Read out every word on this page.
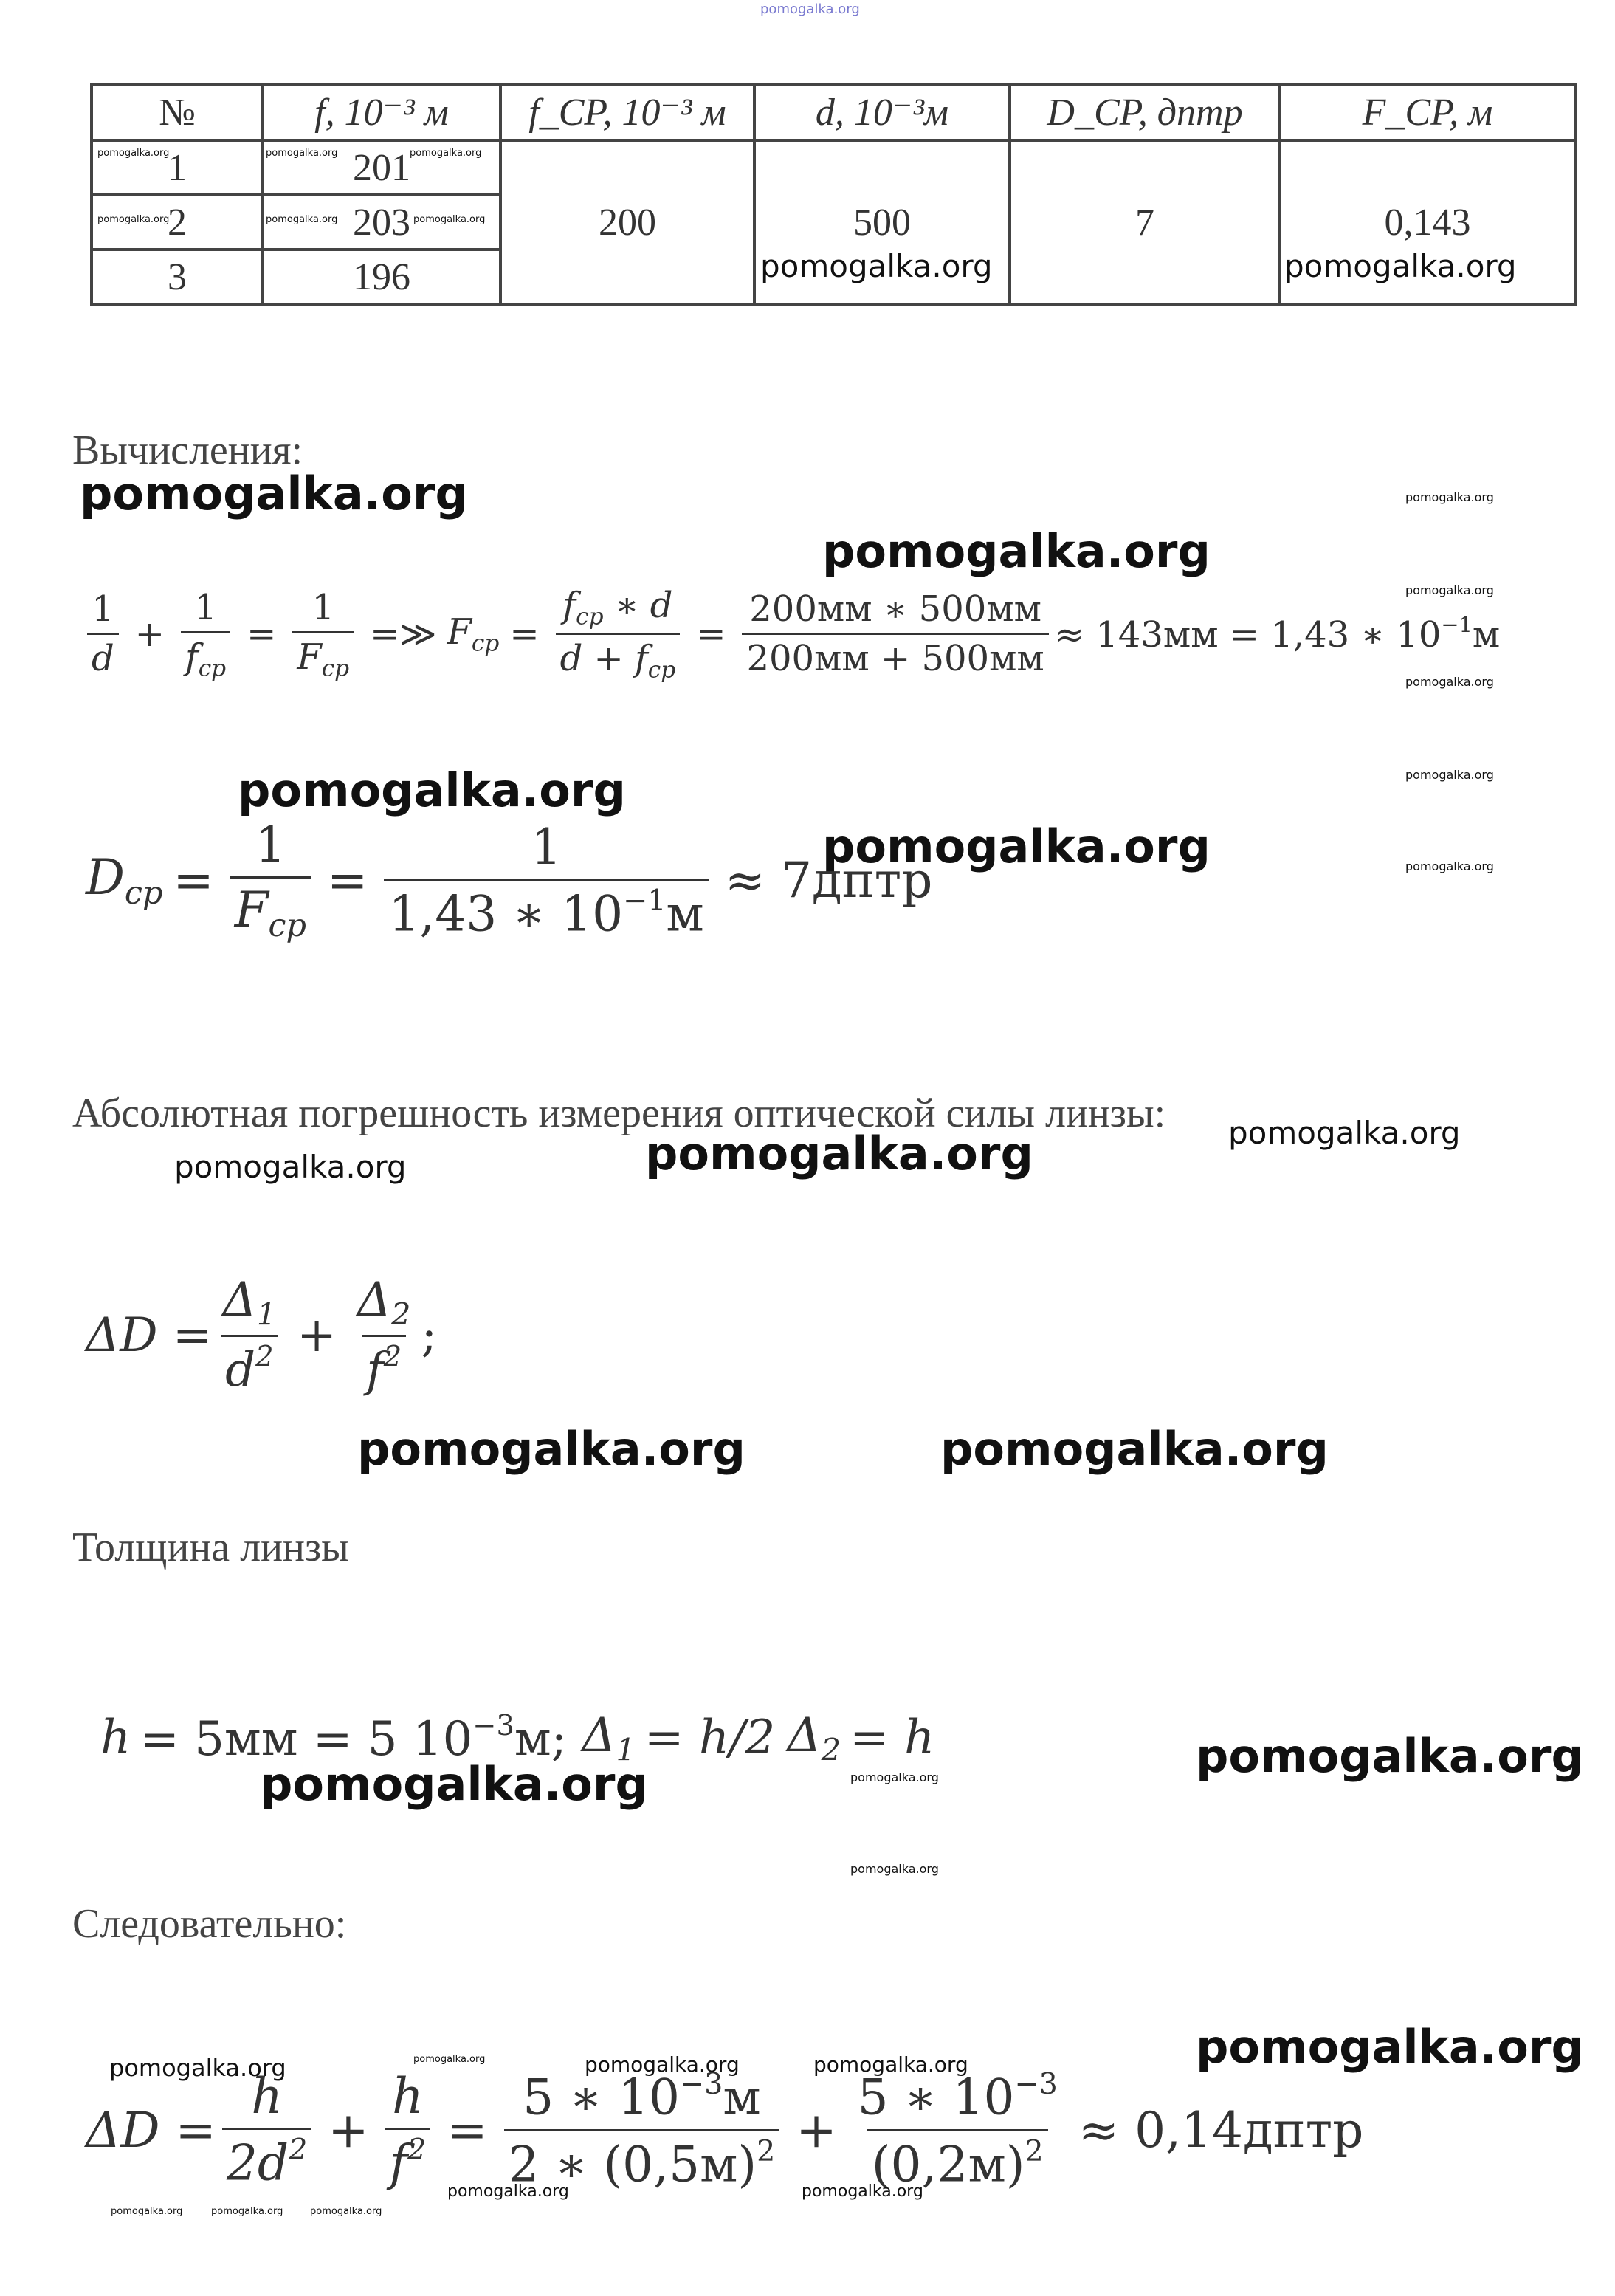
pomogalka.org
№	f, 10⁻³ м	f_CP, 10⁻³ м	d, 10⁻³м	D_CP, дптр	F_CP, м
1	201	200	500	7	0,143
2	203				
3	196				
pomogalka.org	pomogalka.org	pomogalka.org
pomogalka.org	pomogalka.org	pomogalka.org
pomogalka.org	pomogalka.org
Вычисления:
pomogalka.org
pomogalka.org
pomogalka.org
pomogalka.org
pomogalka.org
pomogalka.org
pomogalka.org
$\frac{1}{d} + \frac{1}{f_{cp}} = \frac{1}{F_{cp}}$ =≫ $F_{cp} = \frac{f_{cp} ∗ d}{d + f_{cp}} = \frac{200мм ∗ 500мм}{200мм + 500мм} \approx 143мм = 1,43$ ∗ $10^{-1}м$
pomogalka.org
pomogalka.org
$D_{cp} = \frac{1}{F_{cp}} = \frac{1}{1,43 ∗ 10^{-1}м}$ ≈ 7дптр
Абсолютная погрешность измерения оптической силы линзы: pomogalka.org
pomogalka.org	pomogalka.org
$\Delta D = \frac{\Delta_1}{d^2} + \frac{\Delta_2}{f^2}$ ;
pomogalka.org	pomogalka.org
Толщина линзы
h = 5мм = 5 $10^{-3}м$; $\Delta_1 = h/2$ $\Delta_2 = h$	pomogalka.org
pomogalka.org	pomogalka.org
pomogalka.org
Следовательно:
pomogalka.org
pomogalka.org	pomogalka.org	pomogalka.org	pomogalka.org
$\Delta D = \frac{h}{2d^2} + \frac{h}{f^2} = \frac{5 ∗ 10^{-3}м}{2 ∗ (0,5м)^2} + \frac{5 ∗ 10^{-3}}{(0,2м)^2}$ ≈ 0,14дптр
pomogalka.org	pomogalka.org
pomogalka.org	pomogalka.org	pomogalka.org
